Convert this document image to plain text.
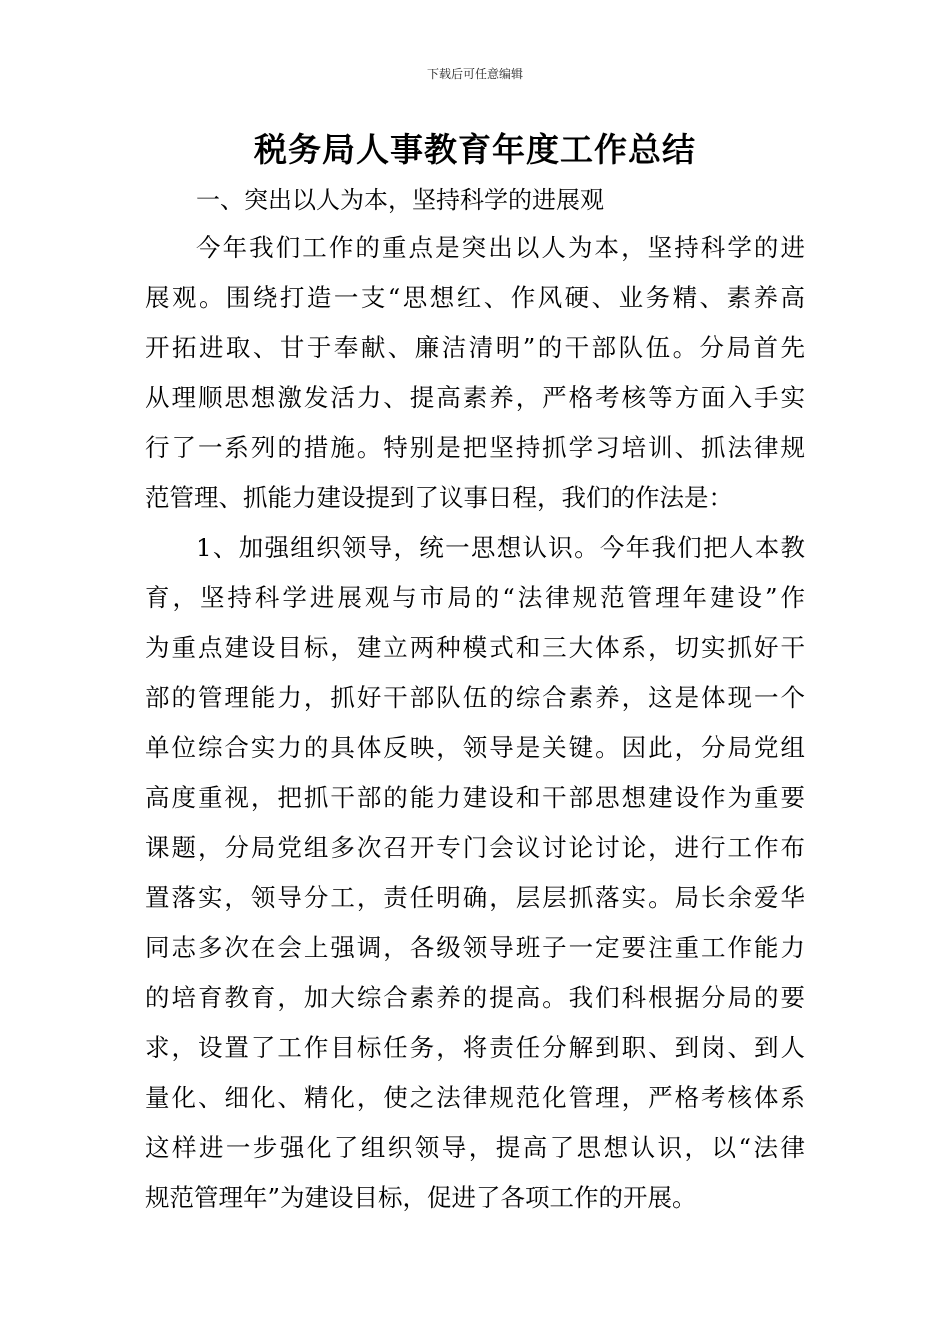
下载后可任意编辑
税务局人事教育年度工作总结
一、突出以人为本，坚持科学的进展观
今年我们工作的重点是突出以人为本，坚持科学的进
展观。围绕打造一支“思想红、作风硬、业务精、素养高
开拓进取、甘于奉献、廉洁清明”的干部队伍。分局首先
从理顺思想激发活力、提高素养，严格考核等方面入手实
行了一系列的措施。特别是把坚持抓学习培训、抓法律规
范管理、抓能力建设提到了议事日程，我们的作法是：
1、加强组织领导，统一思想认识。今年我们把人本教
育，坚持科学进展观与市局的“法律规范管理年建设”作
为重点建设目标，建立两种模式和三大体系，切实抓好干
部的管理能力，抓好干部队伍的综合素养，这是体现一个
单位综合实力的具体反映，领导是关键。因此，分局党组
高度重视，把抓干部的能力建设和干部思想建设作为重要
课题，分局党组多次召开专门会议讨论讨论，进行工作布
置落实，领导分工，责任明确，层层抓落实。局长余爱华
同志多次在会上强调，各级领导班子一定要注重工作能力
的培育教育，加大综合素养的提高。我们科根据分局的要
求，设置了工作目标任务，将责任分解到职、到岗、到人
量化、细化、精化，使之法律规范化管理，严格考核体系
这样进一步强化了组织领导，提高了思想认识，以“法律
规范管理年”为建设目标，促进了各项工作的开展。
